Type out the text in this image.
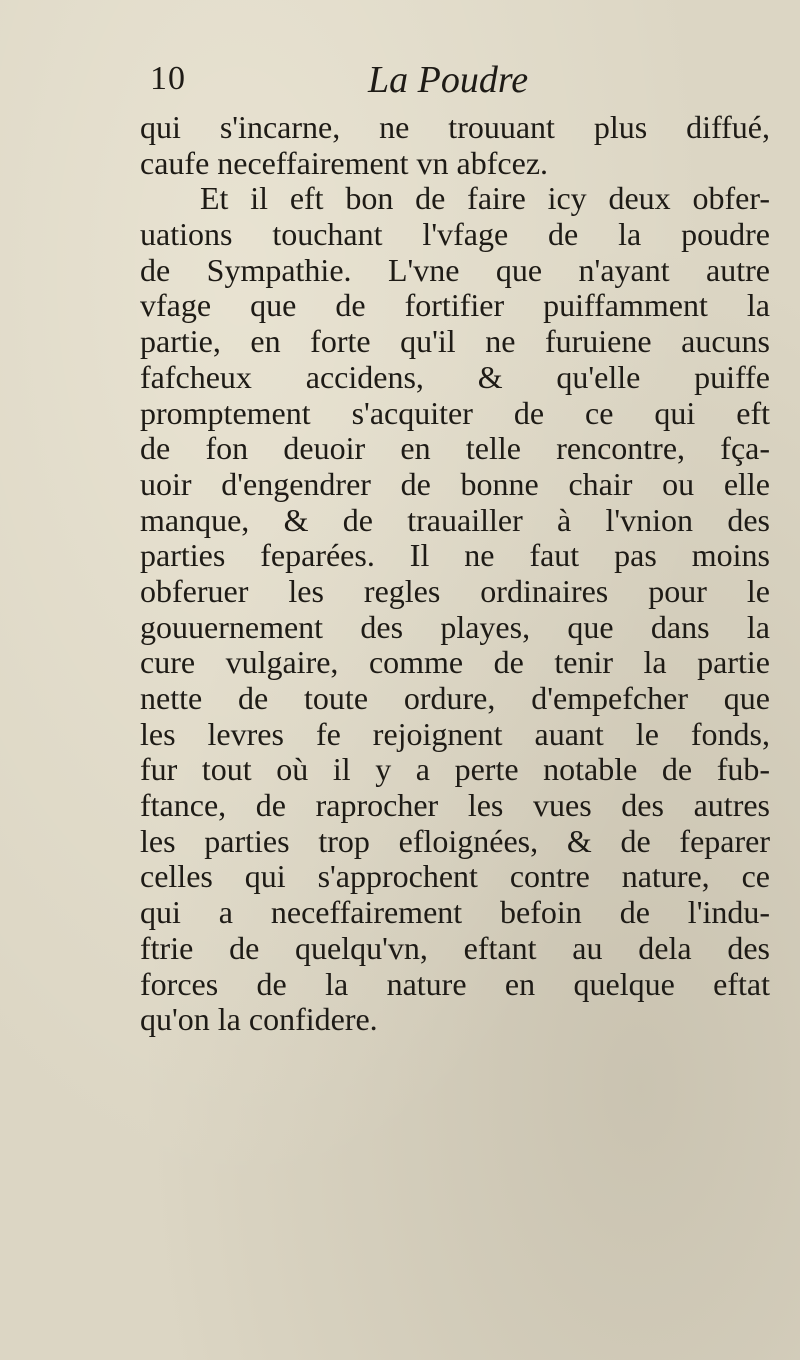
10	La Poudre
qui s'incarne, ne trouuant plus diffué,
caufe neceffairement vn abfcez.
Et il eft bon de faire icy deux obfer-
uations touchant l'vfage de la poudre
de Sympathie. L'vne que n'ayant autre
vfage que de fortifier puiffamment la
partie, en forte qu'il ne furuiene aucuns
fafcheux accidens, & qu'elle puiffe
promptement s'acquiter de ce qui eft
de fon deuoir en telle rencontre, fça-
uoir d'engendrer de bonne chair ou elle
manque, & de trauailler à l'vnion des
parties feparées. Il ne faut pas moins
obferuer les regles ordinaires pour le
gouuernement des playes, que dans la
cure vulgaire, comme de tenir la partie
nette de toute ordure, d'empefcher que
les levres fe rejoignent auant le fonds,
fur tout où il y a perte notable de fub-
ftance, de raprocher les vues des autres
les parties trop efloignées, & de feparer
celles qui s'approchent contre nature, ce
qui a neceffairement befoin de l'indu-
ftrie de quelqu'vn, eftant au dela des
forces de la nature en quelque eftat
qu'on la confidere.
